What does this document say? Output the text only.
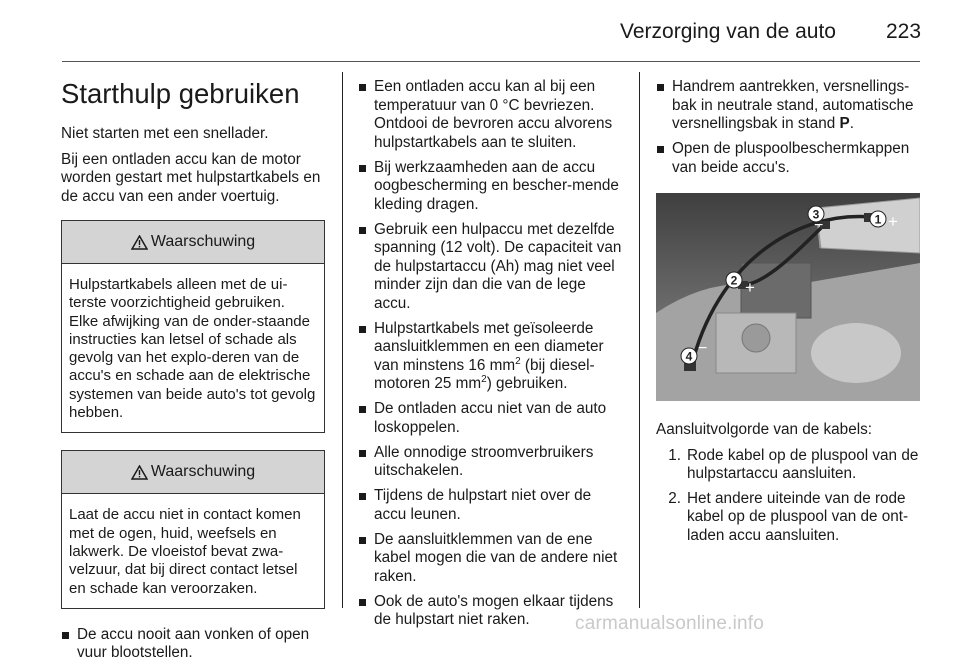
Verzorging van de auto 223
Starthulp gebruiken

Niet starten met een snellader.

Bij een ontladen accu kan de motor worden gestart met hulpstartkabels en de accu van een ander voertuig.

Waarschuwing
Hulpstartkabels alleen met de ui-terste voorzichtigheid gebruiken. Elke afwijking van de onder-staande instructies kan letsel of schade als gevolg van het explo-deren van de accu's en schade aan de elektrische systemen van beide auto's tot gevolg hebben.
Waarschuwing
Laat de accu niet in contact komen met de ogen, huid, weefsels en lakwerk. De vloeistof bevat zwa-velzuur, dat bij direct contact letsel en schade kan veroorzaken.
De accu nooit aan vonken of open vuur blootstellen.
Een ontladen accu kan al bij een temperatuur van 0 °C bevriezen. Ontdooi de bevroren accu alvorens hulpstartkabels aan te sluiten.
Bij werkzaamheden aan de accu oogbescherming en bescher-mende kleding dragen.
Gebruik een hulpaccu met dezelfde spanning (12 volt). De capaciteit van de hulpstartaccu (Ah) mag niet veel minder zijn dan die van de lege accu.
Hulpstartkabels met geïsoleerde aansluitklemmen en een diameter van minstens 16 $mm^2$ (bij diesel-motoren 25 $mm^2$) gebruiken.
De ontladen accu niet van de auto loskoppelen.
Alle onnodige stroomverbruikers uitschakelen.
Tijdens de hulpstart niet over de accu leunen.
De aansluitklemmen van de ene kabel mogen die van de andere niet raken.
Ook de auto's mogen elkaar tijdens de hulpstart niet raken.
Handrem aantrekken, versnellings-bak in neutrale stand, automatische versnellingsbak in stand P.
Open de pluspoolbeschermkappen van beide accu's.
1
2
3
4
+
+
−
−

Aansluitvolgorde van de kabels:

1. Rode kabel op de pluspool van de hulpstartaccu aansluiten.
2. Het andere uiteinde van de rode kabel op de pluspool van de ont-laden accu aansluiten.
carmanualsonline.info
